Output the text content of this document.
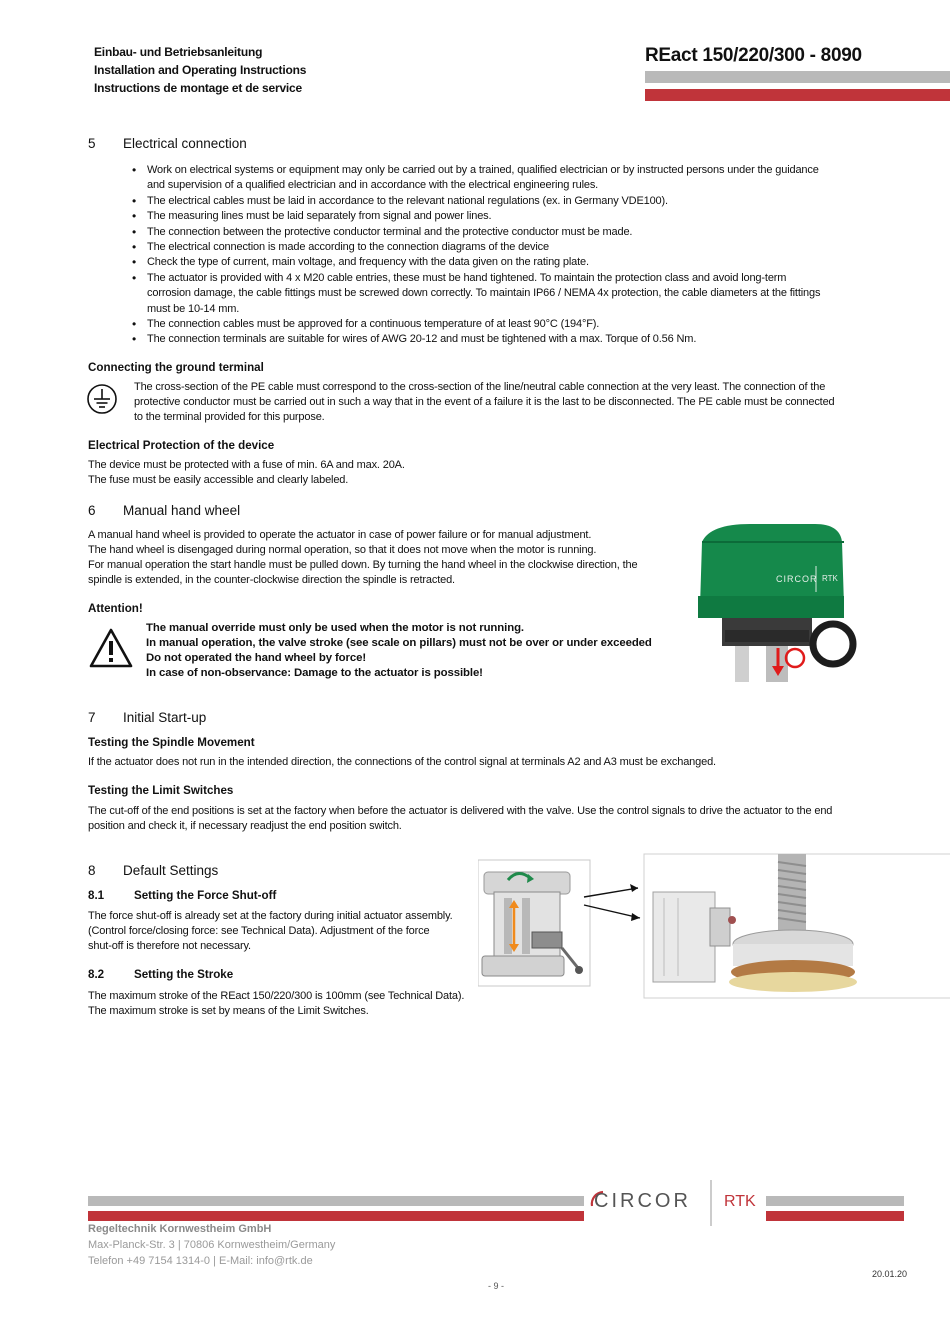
Einbau- und Betriebsanleitung
Installation and Operating Instructions
Instructions de montage et de service
REact 150/220/300 - 8090
5 Electrical connection
• Work on electrical systems or equipment may only be carried out by a trained, qualified electrician or by instructed persons under the guidance and supervision of a qualified electrician and in accordance with the electrical engineering rules.
• The electrical cables must be laid in accordance to the relevant national regulations (ex. in Germany VDE100).
• The measuring lines must be laid separately from signal and power lines.
• The connection between the protective conductor terminal and the protective conductor must be made.
• The electrical connection is made according to the connection diagrams of the device
• Check the type of current, main voltage, and frequency with the data given on the rating plate.
• The actuator is provided with 4 x M20 cable entries, these must be hand tightened. To maintain the protection class and avoid long-term corrosion damage, the cable fittings must be screwed down correctly. To maintain IP66 / NEMA 4x protection, the cable diameters at the fittings must be 10-14 mm.
• The connection cables must be approved for a continuous temperature of at least 90°C (194°F).
• The connection terminals are suitable for wires of AWG 20-12 and must be tightened with a max. Torque of 0.56 Nm.
Connecting the ground terminal
The cross-section of the PE cable must correspond to the cross-section of the line/neutral cable connection at the very least. The connection of the protective conductor must be carried out in such a way that in the event of a failure it is the last to be disconnected. The PE cable must be connected to the terminal provided for this purpose.
Electrical Protection of the device
The device must be protected with a fuse of min. 6A and max. 20A.
The fuse must be easily accessible and clearly labeled.
6 Manual hand wheel
A manual hand wheel is provided to operate the actuator in case of power failure or for manual adjustment.
The hand wheel is disengaged during normal operation, so that it does not move when the motor is running.
For manual operation the start handle must be pulled down. By turning the hand wheel in the clockwise direction, the spindle is extended, in the counter-clockwise direction the spindle is retracted.
Attention!
The manual override must only be used when the motor is not running.
In manual operation, the valve stroke (see scale on pillars) must not be over or under exceeded
Do not operated the hand wheel by force!
In case of non-observance: Damage to the actuator is possible!
CIRCOR RTK
7 Initial Start-up
Testing the Spindle Movement
If the actuator does not run in the intended direction, the connections of the control signal at terminals A2 and A3 must be exchanged.
Testing the Limit Switches
The cut-off of the end positions is set at the factory when before the actuator is delivered with the valve. Use the control signals to drive the actuator to the end position and check it, if necessary readjust the end position switch.
8 Default Settings
8.1	Setting the Force Shut-off
The force shut-off is already set at the factory during initial actuator assembly. (Control force/closing force: see Technical Data). Adjustment of the force shut-off is therefore not necessary.
8.2	Setting the Stroke
The maximum stroke of the REact 150/220/300 is 100mm (see Technical Data).
The maximum stroke is set by means of the Limit Switches.
CIRCOR RTK
Regeltechnik Kornwestheim GmbH
Max-Planck-Str. 3 | 70806 Kornwestheim/Germany
Telefon +49 7154 1314-0 | E-Mail: info@rtk.de
20.01.20
- 9 -
